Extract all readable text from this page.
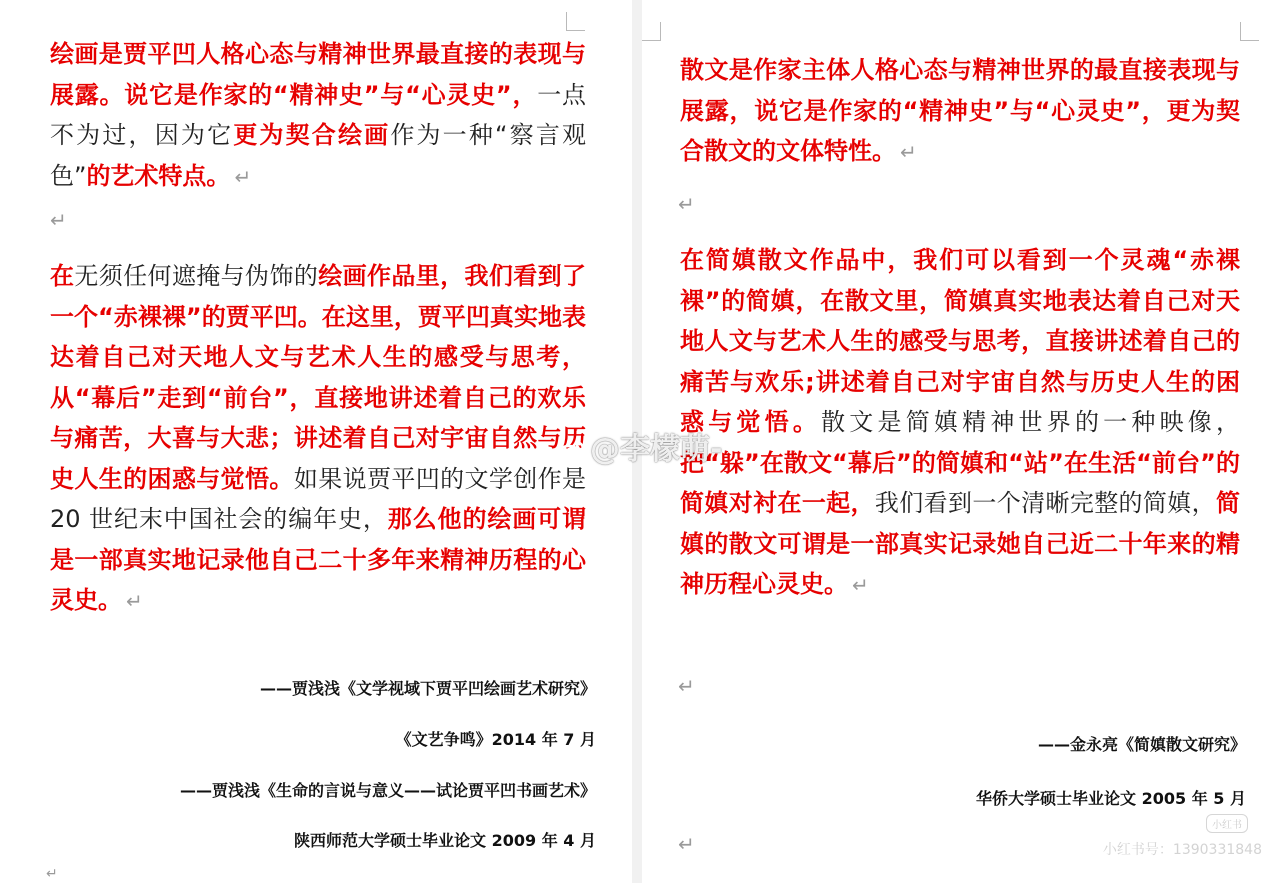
绘画是贾平凹人格心态与精神世界最直接的表现与展露。说它是作家的“精神史”与“心灵史”，一点不为过，因为它更为契合绘画作为一种“察言观色”的艺术特点。 ↵

↵

在无须任何遮掩与伪饰的绘画作品里，我们看到了一个“赤裸裸”的贾平凹。在这里，贾平凹真实地表达着自己对天地人文与艺术人生的感受与思考，从“幕后”走到“前台”，直接地讲述着自己的欢乐与痛苦，大喜与大悲；讲述着自己对宇宙自然与历史人生的困惑与觉悟。如果说贾平凹的文学创作是 20 世纪末中国社会的编年史，那么他的绘画可谓是一部真实地记录他自己二十多年来精神历程的心灵史。 ↵

——贾浅浅《文学视域下贾平凹绘画艺术研究》

《文艺争鸣》2014 年 7 月

——贾浅浅《生命的言说与意义——试论贾平凹书画艺术》

陕西师范大学硕士毕业论文 2009 年 4 月

↵

散文是作家主体人格心态与精神世界的最直接表现与展露，说它是作家的“精神史”与“心灵史”，更为契合散文的文体特性。 ↵

↵

在简嫃散文作品中，我们可以看到一个灵魂“赤裸裸”的简嫃，在散文里，简嫃真实地表达着自己对天地人文与艺术人生的感受与思考，直接讲述着自己的痛苦与欢乐;讲述着自己对宇宙自然与历史人生的困惑与觉悟。散文是简嫃精神世界的一种映像，把“躲”在散文“幕后”的简嫃和“站”在生活“前台”的简嫃对衬在一起，我们看到一个清晰完整的简嫃，简嫃的散文可谓是一部真实记录她自己近二十年来的精神历程心灵史。 ↵

↵

——金永亮《简嫃散文研究》

华侨大学硕士毕业论文 2005 年 5 月

↵
@李檬萌-
小红书
小红书号：1390331848
